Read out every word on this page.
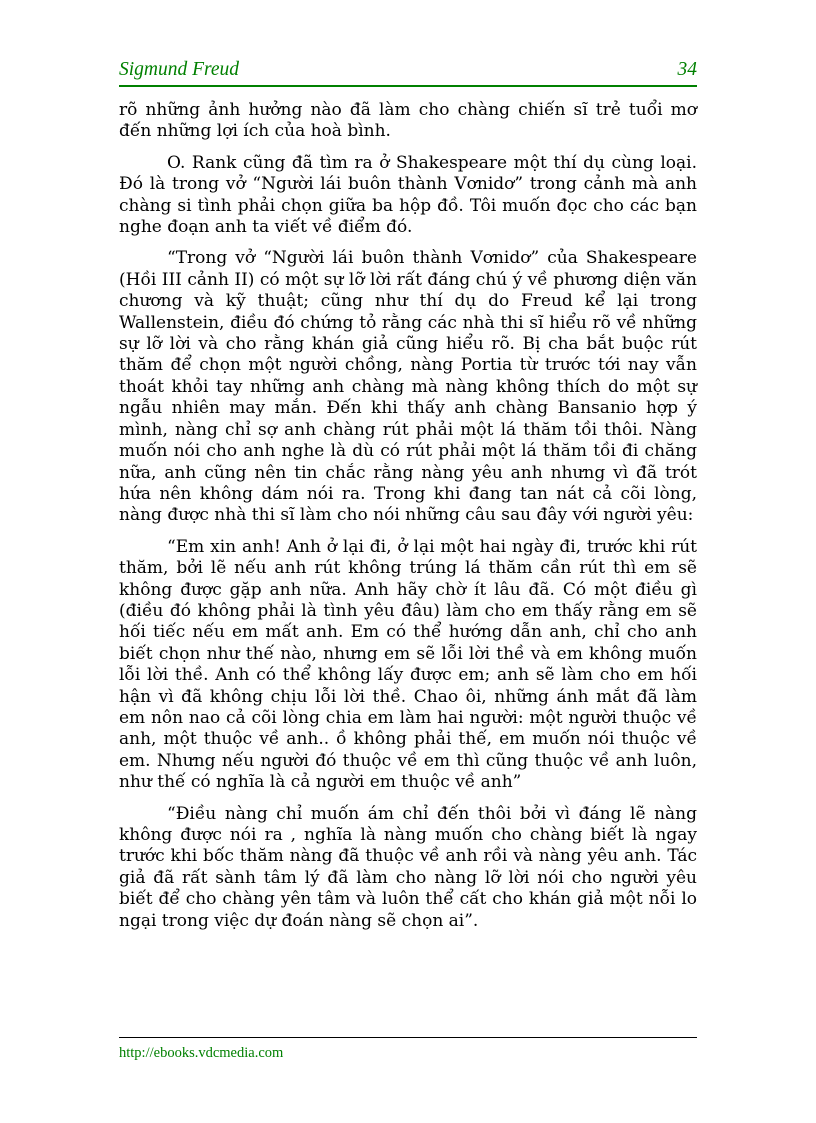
Sigmund Freud	34

rõ những ảnh hưởng nào đã làm cho chàng chiến sĩ trẻ tuổi mơ đến những lợi ích của hoà bình.

O. Rank cũng đã tìm ra ở Shakespeare một thí dụ cùng loại. Đó là trong vở “Người lái buôn thành Vơnidơ” trong cảnh mà anh chàng si tình phải chọn giữa ba hộp đồ. Tôi muốn đọc cho các bạn nghe đoạn anh ta viết về điểm đó.

“Trong vở “Người lái buôn thành Vơnidơ” của Shakespeare (Hồi III cảnh II) có một sự lỡ lời rất đáng chú ý về phương diện văn chương và kỹ thuật; cũng như thí dụ do Freud kể lại trong Wallenstein, điều đó chứng tỏ rằng các nhà thi sĩ hiểu rõ về những sự lỡ lời và cho rằng khán giả cũng hiểu rõ. Bị cha bắt buộc rút thăm để chọn một người chồng, nàng Portia từ trước tới nay vẫn thoát khỏi tay những anh chàng mà nàng không thích do một sự ngẫu nhiên may mắn. Đến khi thấy anh chàng Bansanio hợp ý mình, nàng chỉ sợ anh chàng rút phải một lá thăm tồi thôi. Nàng muốn nói cho anh nghe là dù có rút phải một lá thăm tồi đi chăng nữa, anh cũng nên tin chắc rằng nàng yêu anh nhưng vì đã trót hứa nên không dám nói ra. Trong khi đang tan nát cả cõi lòng, nàng được nhà thi sĩ làm cho nói những câu sau đây với người yêu:

“Em xin anh! Anh ở lại đi, ở lại một hai ngày đi, trước khi rút thăm, bởi lẽ nếu anh rút không trúng lá thăm cần rút thì em sẽ không được gặp anh nữa. Anh hãy chờ ít lâu đã. Có một điều gì (điều đó không phải là tình yêu đâu) làm cho em thấy rằng em sẽ hối tiếc nếu em mất anh. Em có thể hướng dẫn anh, chỉ cho anh biết chọn như thế nào, nhưng em sẽ lỗi lời thề và em không muốn lỗi lời thề. Anh có thể không lấy được em; anh sẽ làm cho em hối hận vì đã không chịu lỗi lời thề. Chao ôi, những ánh mắt đã làm em nôn nao cả cõi lòng chia em làm hai người: một người thuộc về anh, một thuộc về anh.. ồ không phải thế, em muốn nói thuộc về em. Nhưng nếu người đó thuộc về em thì cũng thuộc về anh luôn, như thế có nghĩa là cả người em thuộc về anh”

“Điều nàng chỉ muốn ám chỉ đến thôi bởi vì đáng lẽ nàng không được nói ra , nghĩa là nàng muốn cho chàng biết là ngay trước khi bốc thăm nàng đã thuộc về anh rồi và nàng yêu anh. Tác giả đã rất sành tâm lý đã làm cho nàng lỡ lời nói cho người yêu biết để cho chàng yên tâm và luôn thể cất cho khán giả một nỗi lo ngại trong việc dự đoán nàng sẽ chọn ai”.

http://ebooks.vdcmedia.com
